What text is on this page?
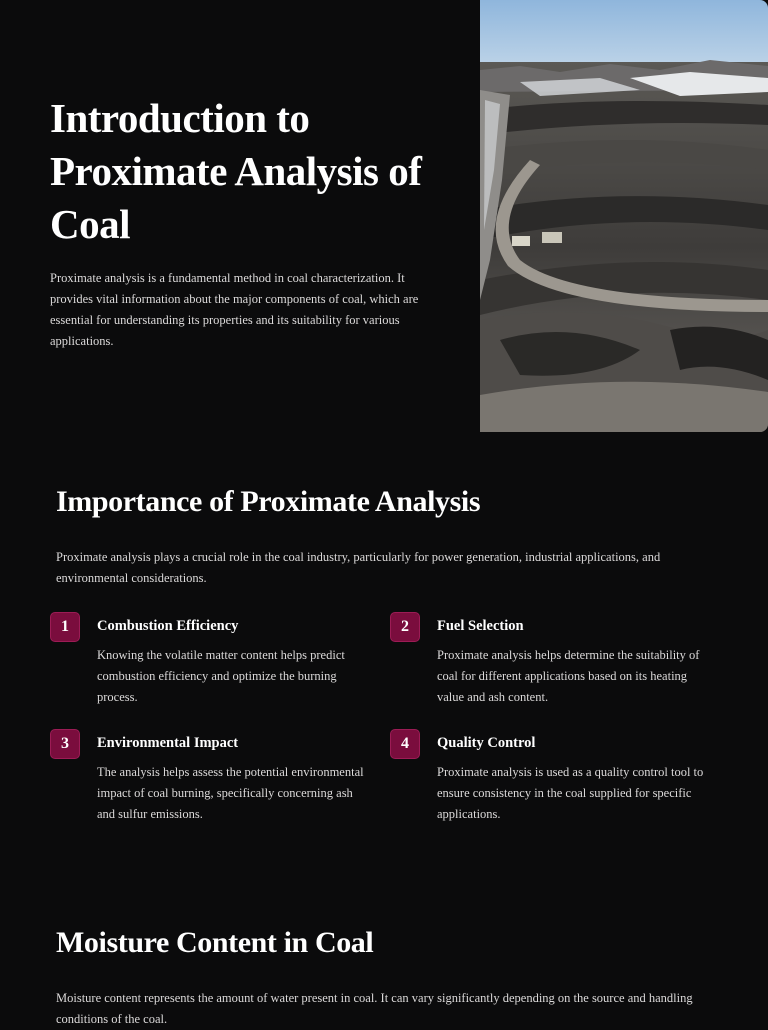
Introduction to Proximate Analysis of Coal

Proximate analysis is a fundamental method in coal characterization. It provides vital information about the major components of coal, which are essential for understanding its properties and its suitability for various applications.

Importance of Proximate Analysis

Proximate analysis plays a crucial role in the coal industry, particularly for power generation, industrial applications, and environmental considerations.

1	Combustion Efficiency

Knowing the volatile matter content helps predict combustion efficiency and optimize the burning process.

2	Fuel Selection

Proximate analysis helps determine the suitability of coal for different applications based on its heating value and ash content.

3	Environmental Impact

The analysis helps assess the potential environmental impact of coal burning, specifically concerning ash and sulfur emissions.

4	Quality Control

Proximate analysis is used as a quality control tool to ensure consistency in the coal supplied for specific applications.

Moisture Content in Coal

Moisture content represents the amount of water present in coal. It can vary significantly depending on the source and handling conditions of the coal.
